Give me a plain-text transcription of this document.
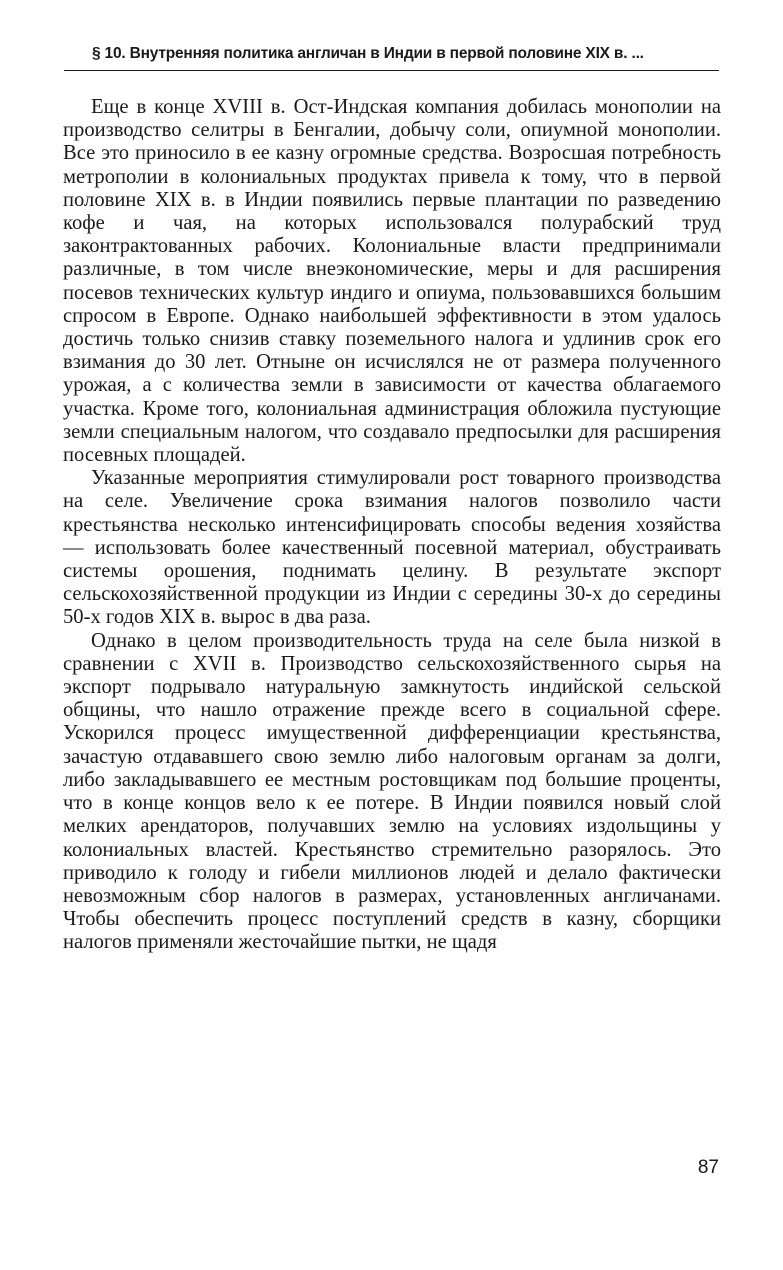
§ 10. Внутренняя политика англичан в Индии в первой половине XIX в. ...

Еще в конце XVIII в. Ост-Индская компания добилась монополии на производство селитры в Бенгалии, добычу соли, опиумной монополии. Все это приносило в ее казну огромные средства. Возросшая потребность метрополии в колониальных продуктах привела к тому, что в первой половине XIX в. в Индии появились первые плантации по разведению кофе и чая, на которых использовался полурабский труд законтрактованных рабочих. Колониальные власти предпринимали различные, в том числе внеэкономические, меры и для расширения посевов технических культур индиго и опиума, пользовавшихся большим спросом в Европе. Однако наибольшей эффективности в этом удалось достичь только снизив ставку поземельного налога и удлинив срок его взимания до 30 лет. Отныне он исчислялся не от размера полученного урожая, а с количества земли в зависимости от качества облагаемого участка. Кроме того, колониальная администрация обложила пустующие земли специальным налогом, что создавало предпосылки для расширения посевных площадей.

Указанные мероприятия стимулировали рост товарного производства на селе. Увеличение срока взимания налогов позволило части крестьянства несколько интенсифицировать способы ведения хозяйства — использовать более качественный посевной материал, обустраивать системы орошения, поднимать целину. В результате экспорт сельскохозяйственной продукции из Индии с середины 30-х до середины 50-х годов XIX в. вырос в два раза.

Однако в целом производительность труда на селе была низкой в сравнении с XVII в. Производство сельскохозяйственного сырья на экспорт подрывало натуральную замкнутость индийской сельской общины, что нашло отражение прежде всего в социальной сфере. Ускорился процесс имущественной дифференциации крестьянства, зачастую отдававшего свою землю либо налоговым органам за долги, либо закладывавшего ее местным ростовщикам под большие проценты, что в конце концов вело к ее потере. В Индии появился новый слой мелких арендаторов, получавших землю на условиях издольщины у колониальных властей. Крестьянство стремительно разорялось. Это приводило к голоду и гибели миллионов людей и делало фактически невозможным сбор налогов в размерах, установленных англичанами. Чтобы обеспечить процесс поступлений средств в казну, сборщики налогов применяли жесточайшие пытки, не щадя

87
